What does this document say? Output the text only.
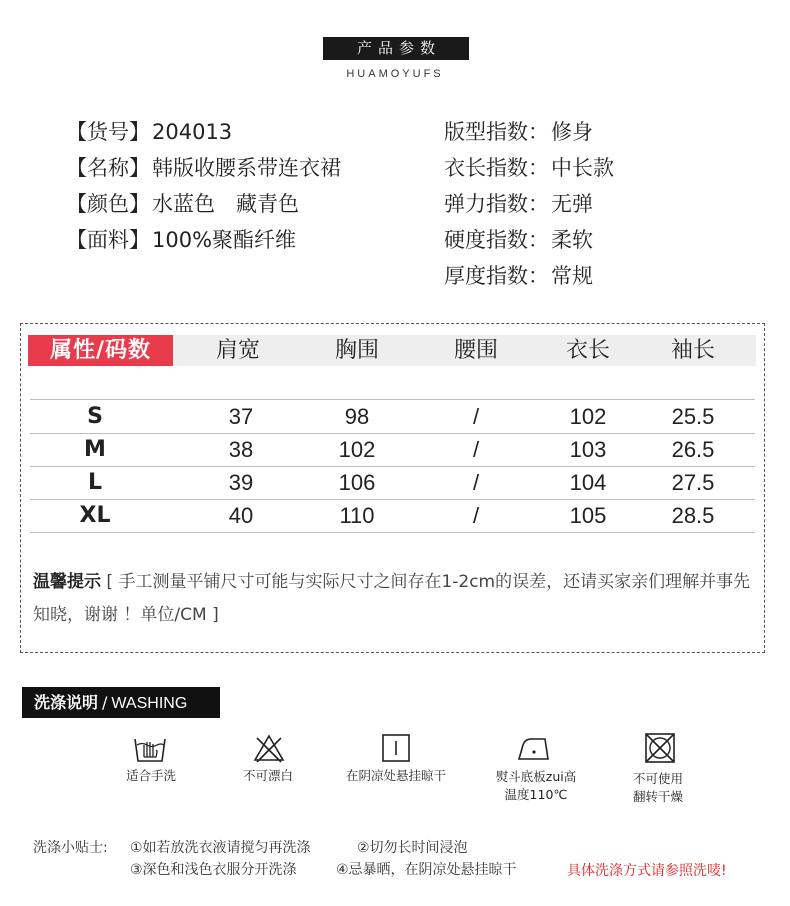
产品参数
HUAMOYUFS
【货号】204013
【名称】韩版收腰系带连衣裙
【颜色】水蓝色　藏青色
【面料】100%聚酯纤维
版型指数：修身
衣长指数：中长款
弹力指数：无弹
硬度指数：柔软
厚度指数：常规
属性/码数	肩宽	胸围	腰围	衣长	袖长
S	37	98	/	102	25.5
M	38	102	/	103	26.5
L	39	106	/	104	27.5
XL	40	110	/	105	28.5
温馨提示 [ 手工测量平铺尺寸可能与实际尺寸之间存在1-2cm的误差，还请买家亲们理解并事先知晓，谢谢 ！单位/CM ]
洗涤说明 / WASHING
适合手洗	不可漂白	在阴凉处悬挂晾干	熨斗底板zui高
温度110℃
不可使用
翻转干燥
洗涤小贴士: ①如若放洗衣液请搅匀再洗涤	②切勿长时间浸泡
③深色和浅色衣服分开洗涤	④忌暴晒，在阴凉处悬挂晾干	具体洗涤方式请参照洗唛!
